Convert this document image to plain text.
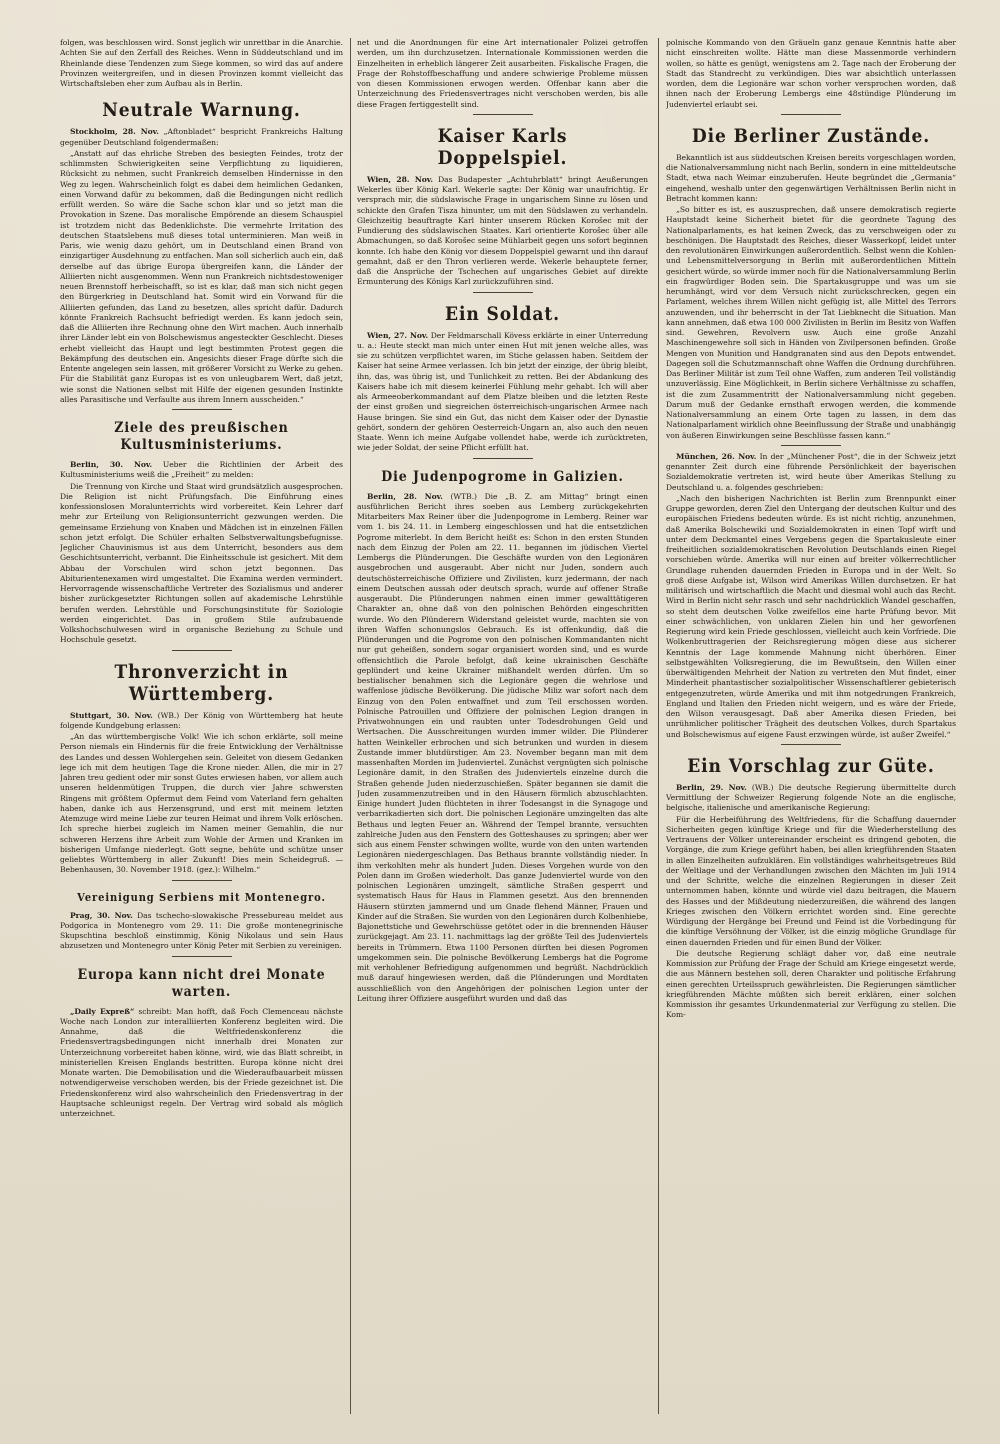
folgen, was beschlossen wird. Sonst jeglich wir unrettbar in die Anarchie. Achten Sie auf den Zerfall des Reiches. Wenn in Süddeutschland und im Rheinlande diese Tendenzen zum Siege kommen, so wird das auf andere Provinzen weitergreifen, und in diesen Provinzen kommt vielleicht das Wirtschaftsleben eher zum Aufbau als in Berlin.

Neutrale Warnung.

Stockholm, 28. Nov. „Aftonbladet“ bespricht Frankreichs Haltung gegenüber Deutschland folgendermaßen:

„Anstatt auf das ehrliche Streben des besiegten Feindes, trotz der schlimmsten Schwierigkeiten seine Verpflichtung zu liquidieren, Rücksicht zu nehmen, sucht Frankreich demselben Hindernisse in den Weg zu legen. Wahrscheinlich folgt es dabei dem heimlichen Gedanken, einen Vorwand dafür zu bekommen, daß die Bedingungen nicht redlich erfüllt werden. So wäre die Sache schon klar und so jetzt man die Provokation in Szene. Das moralische Empörende an diesem Schauspiel ist trotzdem nicht das Bedenklichste. Die vermehrte Irritation des deutschen Staatslebens muß dieses total unterminieren. Man weiß in Paris, wie wenig dazu gehört, um in Deutschland einen Brand von einzigartiger Ausdehnung zu entfachen. Man soll sicherlich auch ein, daß derselbe auf das übrige Europa übergreifen kann, die Länder der Alliierten nicht ausgenommen. Wenn nun Frankreich nichtsdestoweniger neuen Brennstoff herbeischafft, so ist es klar, daß man sich nicht gegen den Bürgerkrieg in Deutschland hat. Somit wird ein Vorwand für die Alliierten gefunden, das Land zu besetzen, alles spricht dafür. Dadurch könnte Frankreich Rachsucht befriedigt werden. Es kann jedoch sein, daß die Alliierten ihre Rechnung ohne den Wirt machen. Auch innerhalb ihrer Länder lebt ein von Bolschewismus angesteckter Geschlecht. Dieses erhebt vielleicht das Haupt und legt bestimmten Protest gegen die Bekämpfung des deutschen ein. Angesichts dieser Frage dürfte sich die Entente angelegen sein lassen, mit größerer Vorsicht zu Werke zu gehen. Für die Stabilität ganz Europas ist es von unleugbarem Wert, daß jetzt, wie sonst die Nationen selbst mit Hilfe der eigenen gesunden Instinkte alles Parasitische und Verfaulte aus ihrem Innern ausscheiden.“

Ziele des preußischen Kultusministeriums.

Berlin, 30. Nov. Ueber die Richtlinien der Arbeit des Kultusministeriums weiß die „Freiheit“ zu melden:

Die Trennung von Kirche und Staat wird grundsätzlich ausgesprochen. Die Religion ist nicht Prüfungsfach. Die Einführung eines konfessionslosen Moralunterrichts wird vorbereitet. Kein Lehrer darf mehr zur Erteilung von Religionsunterricht gezwungen werden. Die gemeinsame Erziehung von Knaben und Mädchen ist in einzelnen Fällen schon jetzt erfolgt. Die Schüler erhalten Selbstverwaltungsbefugnisse. Jeglicher Chauvinismus ist aus dem Unterricht, besonders aus dem Geschichtsunterricht, verbannt. Die Einheitsschule ist gesichert. Mit dem Abbau der Vorschulen wird schon jetzt begonnen. Das Abiturientenexamen wird umgestaltet. Die Examina werden vermindert. Hervorragende wissenschaftliche Vertreter des Sozialismus und anderer bisher zurückgesetzter Richtungen sollen auf akademische Lehrstühle berufen werden. Lehrstühle und Forschungsinstitute für Soziologie werden eingerichtet. Das in großem Stile aufzubauende Volkshochschulwesen wird in organische Beziehung zu Schule und Hochschule gesetzt.

Thronverzicht in Württemberg.

Stuttgart, 30. Nov. (WB.) Der König von Württemberg hat heute folgende Kundgebung erlassen:

„An das württembergische Volk! Wie ich schon erklärte, soll meine Person niemals ein Hindernis für die freie Entwicklung der Verhältnisse des Landes und dessen Wohlergehen sein. Geleitet von diesem Gedanken lege ich mit dem heutigen Tage die Krone nieder. Allen, die mir in 27 Jahren treu gedient oder mir sonst Gutes erwiesen haben, vor allem auch unseren heldenmütigen Truppen, die durch vier Jahre schwersten Ringens mit größtem Opfermut dem Feind vom Vaterland fern gehalten haben, danke ich aus Herzensgrund, und erst mit meinem letzten Atemzuge wird meine Liebe zur teuren Heimat und ihrem Volk erlöschen. Ich spreche hierbei zugleich im Namen meiner Gemahlin, die nur schweren Herzens ihre Arbeit zum Wohle der Armen und Kranken im bisherigen Umfange niederlegt. Gott segne, behüte und schütze unser geliebtes Württemberg in aller Zukunft! Dies mein Scheidegruß. — Bebenhausen, 30. November 1918. (gez.): Wilhelm.“

Vereinigung Serbiens mit Montenegro.

Prag, 30. Nov. Das tschecho-slowakische Pressebureau meldet aus Podgorica in Montenegro vom 29. 11: Die große montenegrinische Skupschtina beschloß einstimmig, König Nikolaus und sein Haus abzusetzen und Montenegro unter König Peter mit Serbien zu vereinigen.

Europa kann nicht drei Monate warten.

„Daily Expreß“ schreibt: Man hofft, daß Foch Clemenceau nächste Woche nach London zur interalliierten Konferenz begleiten wird. Die Annahme, daß die Weltfriedenskonferenz die Friedensvertragsbedingungen nicht innerhalb drei Monaten zur Unterzeichnung vorbereitet haben könne, wird, wie das Blatt schreibt, in ministeriellen Kreisen Englands bestritten. Europa könne nicht drei Monate warten. Die Demobilisation und die Wiederaufbauarbeit müssen notwendigerweise verschoben werden, bis der Friede gezeichnet ist. Die Friedenskonferenz wird also wahrscheinlich den Friedensvertrag in der Hauptsache schleunigst regeln. Der Vertrag wird sobald als möglich unterzeichnet.

net und die Anordnungen für eine Art internationaler Polizei getroffen werden, um ihn durchzusetzen. Internationale Kommissionen werden die Einzelheiten in erheblich längerer Zeit ausarbeiten. Fiskalische Fragen, die Frage der Rohstoffbeschaffung und andere schwierige Probleme müssen von diesen Kommissionen erwogen werden. Offenbar kann aber die Unterzeichnung des Friedensvertrages nicht verschoben werden, bis alle diese Fragen fertiggestellt sind.

Kaiser Karls Doppelspiel.

Wien, 28. Nov. Das Budapester „Achtuhrblatt“ bringt Aeußerungen Wekerles über König Karl. Wekerle sagte: Der König war unaufrichtig. Er versprach mir, die südslawische Frage in ungarischem Sinne zu lösen und schickte den Grafen Tisza hinunter, um mit den Südslawen zu verhandeln. Gleichzeitig beauftragte Karl hinter unserem Rücken Korošec mit der Fundierung des südslawischen Staates. Karl orientierte Korošec über alle Abmachungen, so daß Korošec seine Mühlarbeit gegen uns sofort beginnen konnte. Ich habe den König vor diesem Doppelspiel gewarnt und ihn darauf gemahnt, daß er den Thron verlieren werde. Wekerle behauptete ferner, daß die Ansprüche der Tschechen auf ungarisches Gebiet auf direkte Ermunterung des Königs Karl zurückzuführen sind.

Ein Soldat.

Wien, 27. Nov. Der Feldmarschall Kövess erklärte in einer Unterredung u. a.: Heute steckt man mich unter einen Hut mit jenen welche alles, was sie zu schützen verpflichtet waren, im Stiche gelassen haben. Seitdem der Kaiser hat seine Armee verlassen. Ich bin jetzt der einzige, der übrig bleibt, ihn, das, was übrig ist, und Tunlichkeit zu retten. Bei der Abdankung des Kaisers habe ich mit diesem keinerlei Fühlung mehr gehabt. Ich will aber als Armeeoberkommandant auf dem Platze bleiben und die letzten Reste der einst großen und siegreichen österreichisch-ungarischen Armee nach Hause bringen. Sie sind ein Gut, das nicht dem Kaiser oder der Dynastie gehört, sondern der gehören Oesterreich-Ungarn an, also auch den neuen Staate. Wenn ich meine Aufgabe vollendet habe, werde ich zurücktreten, wie jeder Soldat, der seine Pflicht erfüllt hat.

Die Judenpogrome in Galizien.

Berlin, 28. Nov. (WTB.) Die „B. Z. am Mittag“ bringt einen ausführlichen Bericht ihres soeben aus Lemberg zurückgekehrten Mitarbeiters Max Reiner über die Judenpogrome in Lemberg. Reiner war vom 1. bis 24. 11. in Lemberg eingeschlossen und hat die entsetzlichen Pogrome miterlebt. In dem Bericht heißt es: Schon in den ersten Stunden nach dem Einzug der Polen am 22. 11. begannen im jüdischen Viertel Lembergs die Plünderungen. Die Geschäfte wurden von den Legionären ausgebrochen und ausgeraubt. Aber nicht nur Juden, sondern auch deutschösterreichische Offiziere und Zivilisten, kurz jedermann, der nach einem Deutschen aussah oder deutsch sprach, wurde auf offener Straße ausgeraubt. Die Plünderungen nahmen einen immer gewalttätigeren Charakter an, ohne daß von den polnischen Behörden eingeschritten wurde. Wo den Plünderern Widerstand geleistet wurde, machten sie von ihren Waffen schonungslos Gebrauch. Es ist offenkundig, daß die Plünderungen und die Pogrome von den polnischen Kommandanten nicht nur gut geheißen, sondern sogar organisiert worden sind, und es wurde offensichtlich die Parole befolgt, daß keine ukrainischen Geschäfte geplündert und keine Ukrainer mißhandelt werden dürfen. Um so bestialischer benahmen sich die Legionäre gegen die wehrlose und waffenlose jüdische Bevölkerung. Die jüdische Miliz war sofort nach dem Einzug von den Polen entwaffnet und zum Teil erschossen worden. Polnische Patrouillen und Offiziere der polnischen Legion drangen in Privatwohnungen ein und raubten unter Todesdrohungen Geld und Wertsachen. Die Ausschreitungen wurden immer wilder. Die Plünderer hatten Weinkeller erbrochen und sich betrunken und wurden in diesem Zustande immer blutdürstiger. Am 23. November begann man mit dem massenhaften Morden im Judenviertel. Zunächst vergnügten sich polnische Legionäre damit, in den Straßen des Judenviertels einzelne durch die Straßen gehende Juden niederzuschießen. Später begannen sie damit die Juden zusammenzutreiben und in den Häusern förmlich abzuschlachten. Einige hundert Juden flüchteten in ihrer Todesangst in die Synagoge und verbarrikadierten sich dort. Die polnischen Legionäre umzingelten das alte Bethaus und legten Feuer an. Während der Tempel brannte, versuchten zahlreiche Juden aus den Fenstern des Gotteshauses zu springen; aber wer sich aus einem Fenster schwingen wollte, wurde von den unten wartenden Legionären niedergeschlagen. Das Bethaus brannte vollständig nieder. In ihm verkohlten mehr als hundert Juden. Dieses Vorgehen wurde von den Polen dann im Großen wiederholt. Das ganze Judenviertel wurde von den polnischen Legionären umzingelt, sämtliche Straßen gesperrt und systematisch Haus für Haus in Flammen gesetzt. Aus den brennenden Häusern stürzten jammernd und um Gnade flehend Männer, Frauen und Kinder auf die Straßen. Sie wurden von den Legionären durch Kolbenhiebe, Bajonettstiche und Gewehrschüsse getötet oder in die brennenden Häuser zurückgejagt. Am 23. 11. nachmittags lag der größte Teil des Judenviertels bereits in Trümmern. Etwa 1100 Personen dürften bei diesen Pogromen umgekommen sein. Die polnische Bevölkerung Lembergs hat die Pogrome mit verhohlener Befriedigung aufgenommen und begrüßt. Nachdrücklich muß darauf hingewiesen werden, daß die Plünderungen und Mordtaten ausschließlich von den Angehörigen der polnischen Legion unter der Leitung ihrer Offiziere ausgeführt wurden und daß das

polnische Kommando von den Gräueln ganz genaue Kenntnis hatte aber nicht einschreiten wollte. Hätte man diese Massenmorde verhindern wollen, so hätte es genügt, wenigstens am 2. Tage nach der Eroberung der Stadt das Standrecht zu verkündigen. Dies war absichtlich unterlassen worden, dem die Legionäre war schon vorher versprochen worden, daß ihnen nach der Eroberung Lembergs eine 48stündige Plünderung im Judenviertel erlaubt sei.

Die Berliner Zustände.

Bekanntlich ist aus süddeutschen Kreisen bereits vorgeschlagen worden, die Nationalversammlung nicht nach Berlin, sondern in eine mitteldeutsche Stadt, etwa nach Weimar einzuberufen. Heute begründet die „Germania“ eingehend, weshalb unter den gegenwärtigen Verhältnissen Berlin nicht in Betracht kommen kann:

„So bitter es ist, es auszusprechen, daß unsere demokratisch regierte Hauptstadt keine Sicherheit bietet für die geordnete Tagung des Nationalparlaments, es hat keinen Zweck, das zu verschweigen oder zu beschönigen. Die Hauptstadt des Reiches, dieser Wasserkopf, leidet unter den revolutionären Einwirkungen außerordentlich. Selbst wenn die Kohlen- und Lebensmittelversorgung in Berlin mit außerordentlichen Mitteln gesichert würde, so würde immer noch für die Nationalversammlung Berlin ein fragwürdiger Boden sein. Die Spartakusgruppe und was um sie herumhängt, wird vor dem Versuch nicht zurückschrecken, gegen ein Parlament, welches ihrem Willen nicht gefügig ist, alle Mittel des Terrors anzuwenden, und ihr beherrscht in der Tat Liebknecht die Situation. Man kann annehmen, daß etwa 100 000 Zivilisten in Berlin im Besitz von Waffen sind. Gewehren, Revolvern usw. Auch eine große Anzahl Maschinengewehre soll sich in Händen von Zivilpersonen befinden. Große Mengen von Munition und Handgranaten sind aus den Depots entwendet. Dagegen soll die Schutzmannschaft ohne Waffen die Ordnung durchführen. Das Berliner Militär ist zum Teil ohne Waffen, zum anderen Teil vollständig unzuverlässig. Eine Möglichkeit, in Berlin sichere Verhältnisse zu schaffen, ist die zum Zusammentritt der Nationalversammlung nicht gegeben. Darum muß der Gedanke ernsthaft erwogen werden, die kommende Nationalversammlung an einem Orte tagen zu lassen, in dem das Nationalparlament wirklich ohne Beeinflussung der Straße und unabhängig von äußeren Einwirkungen seine Beschlüsse fassen kann.“

München, 26. Nov. In der „Münchener Post“, die in der Schweiz jetzt genannter Zeit durch eine führende Persönlichkeit der bayerischen Sozialdemokratie vertreten ist, wird heute über Amerikas Stellung zu Deutschland u. a. folgendes geschrieben:

„Nach den bisherigen Nachrichten ist Berlin zum Brennpunkt einer Gruppe geworden, deren Ziel den Untergang der deutschen Kultur und des europäischen Friedens bedeuten würde. Es ist nicht richtig, anzunehmen, daß Amerika Bolschewiki und Sozialdemokraten in einen Topf wirft und unter dem Deckmantel eines Vergebens gegen die Spartakusleute einer freiheitlichen sozialdemokratischen Revolution Deutschlands einen Riegel vorschieben würde. Amerika will nur einen auf breiter völkerrechtlicher Grundlage ruhenden dauernden Frieden in Europa und in der Welt. So groß diese Aufgabe ist, Wilson wird Amerikas Willen durchsetzen. Er hat militärisch und wirtschaftlich die Macht und diesmal wohl auch das Recht. Wird in Berlin nicht sehr rasch und sehr nachdrücklich Wandel geschaffen, so steht dem deutschen Volke zweifellos eine harte Prüfung bevor. Mit einer schwächlichen, von unklaren Zielen hin und her geworfenen Regierung wird kein Friede geschlossen, vielleicht auch kein Vorfriede. Die Wolkenbruttragerien der Reichsregierung mögen diese aus sicherer Kenntnis der Lage kommende Mahnung nicht überhören. Einer selbstgewählten Volksregierung, die im Bewußtsein, den Willen einer überwältigenden Mehrheit der Nation zu vertreten den Mut findet, einer Minderheit phantastischer sozialpolitischer Wissenschaftlerer gebieterisch entgegenzutreten, würde Amerika und mit ihm notgedrungen Frankreich, England und Italien den Frieden nicht weigern, und es wäre der Friede, den Wilson verausgesagt. Daß aber Amerika diesen Frieden, bei unrühmlicher politischer Trägheit des deutschen Volkes, durch Spartakus und Bolschewismus auf eigene Faust erzwingen würde, ist außer Zweifel.“

Ein Vorschlag zur Güte.

Berlin, 29. Nov. (WB.) Die deutsche Regierung übermittelte durch Vermittlung der Schweizer Regierung folgende Note an die englische, belgische, italienische und amerikanische Regierung:

Für die Herbeiführung des Weltfriedens, für die Schaffung dauernder Sicherheiten gegen künftige Kriege und für die Wiederherstellung des Vertrauens der Völker untereinander erscheint es dringend geboten, die Vorgänge, die zum Kriege geführt haben, bei allen kriegführenden Staaten in allen Einzelheiten aufzuklären. Ein vollständiges wahrheitsgetreues Bild der Weltlage und der Verhandlungen zwischen den Mächten im Juli 1914 und der Schritte, welche die einzelnen Regierungen in dieser Zeit unternommen haben, könnte und würde viel dazu beitragen, die Mauern des Hasses und der Mißdeutung niederzureißen, die während des langen Krieges zwischen den Völkern errichtet worden sind. Eine gerechte Würdigung der Hergänge bei Freund und Feind ist die Vorbedingung für die künftige Versöhnung der Völker, ist die einzig mögliche Grundlage für einen dauernden Frieden und für einen Bund der Völker.

Die deutsche Regierung schlägt daher vor, daß eine neutrale Kommission zur Prüfung der Frage der Schuld am Kriege eingesetzt werde, die aus Männern bestehen soll, deren Charakter und politische Erfahrung einen gerechten Urteilsspruch gewährleisten. Die Regierungen sämtlicher kriegführenden Mächte müßten sich bereit erklären, einer solchen Kommission ihr gesamtes Urkundenmaterial zur Verfügung zu stellen. Die Kom-
